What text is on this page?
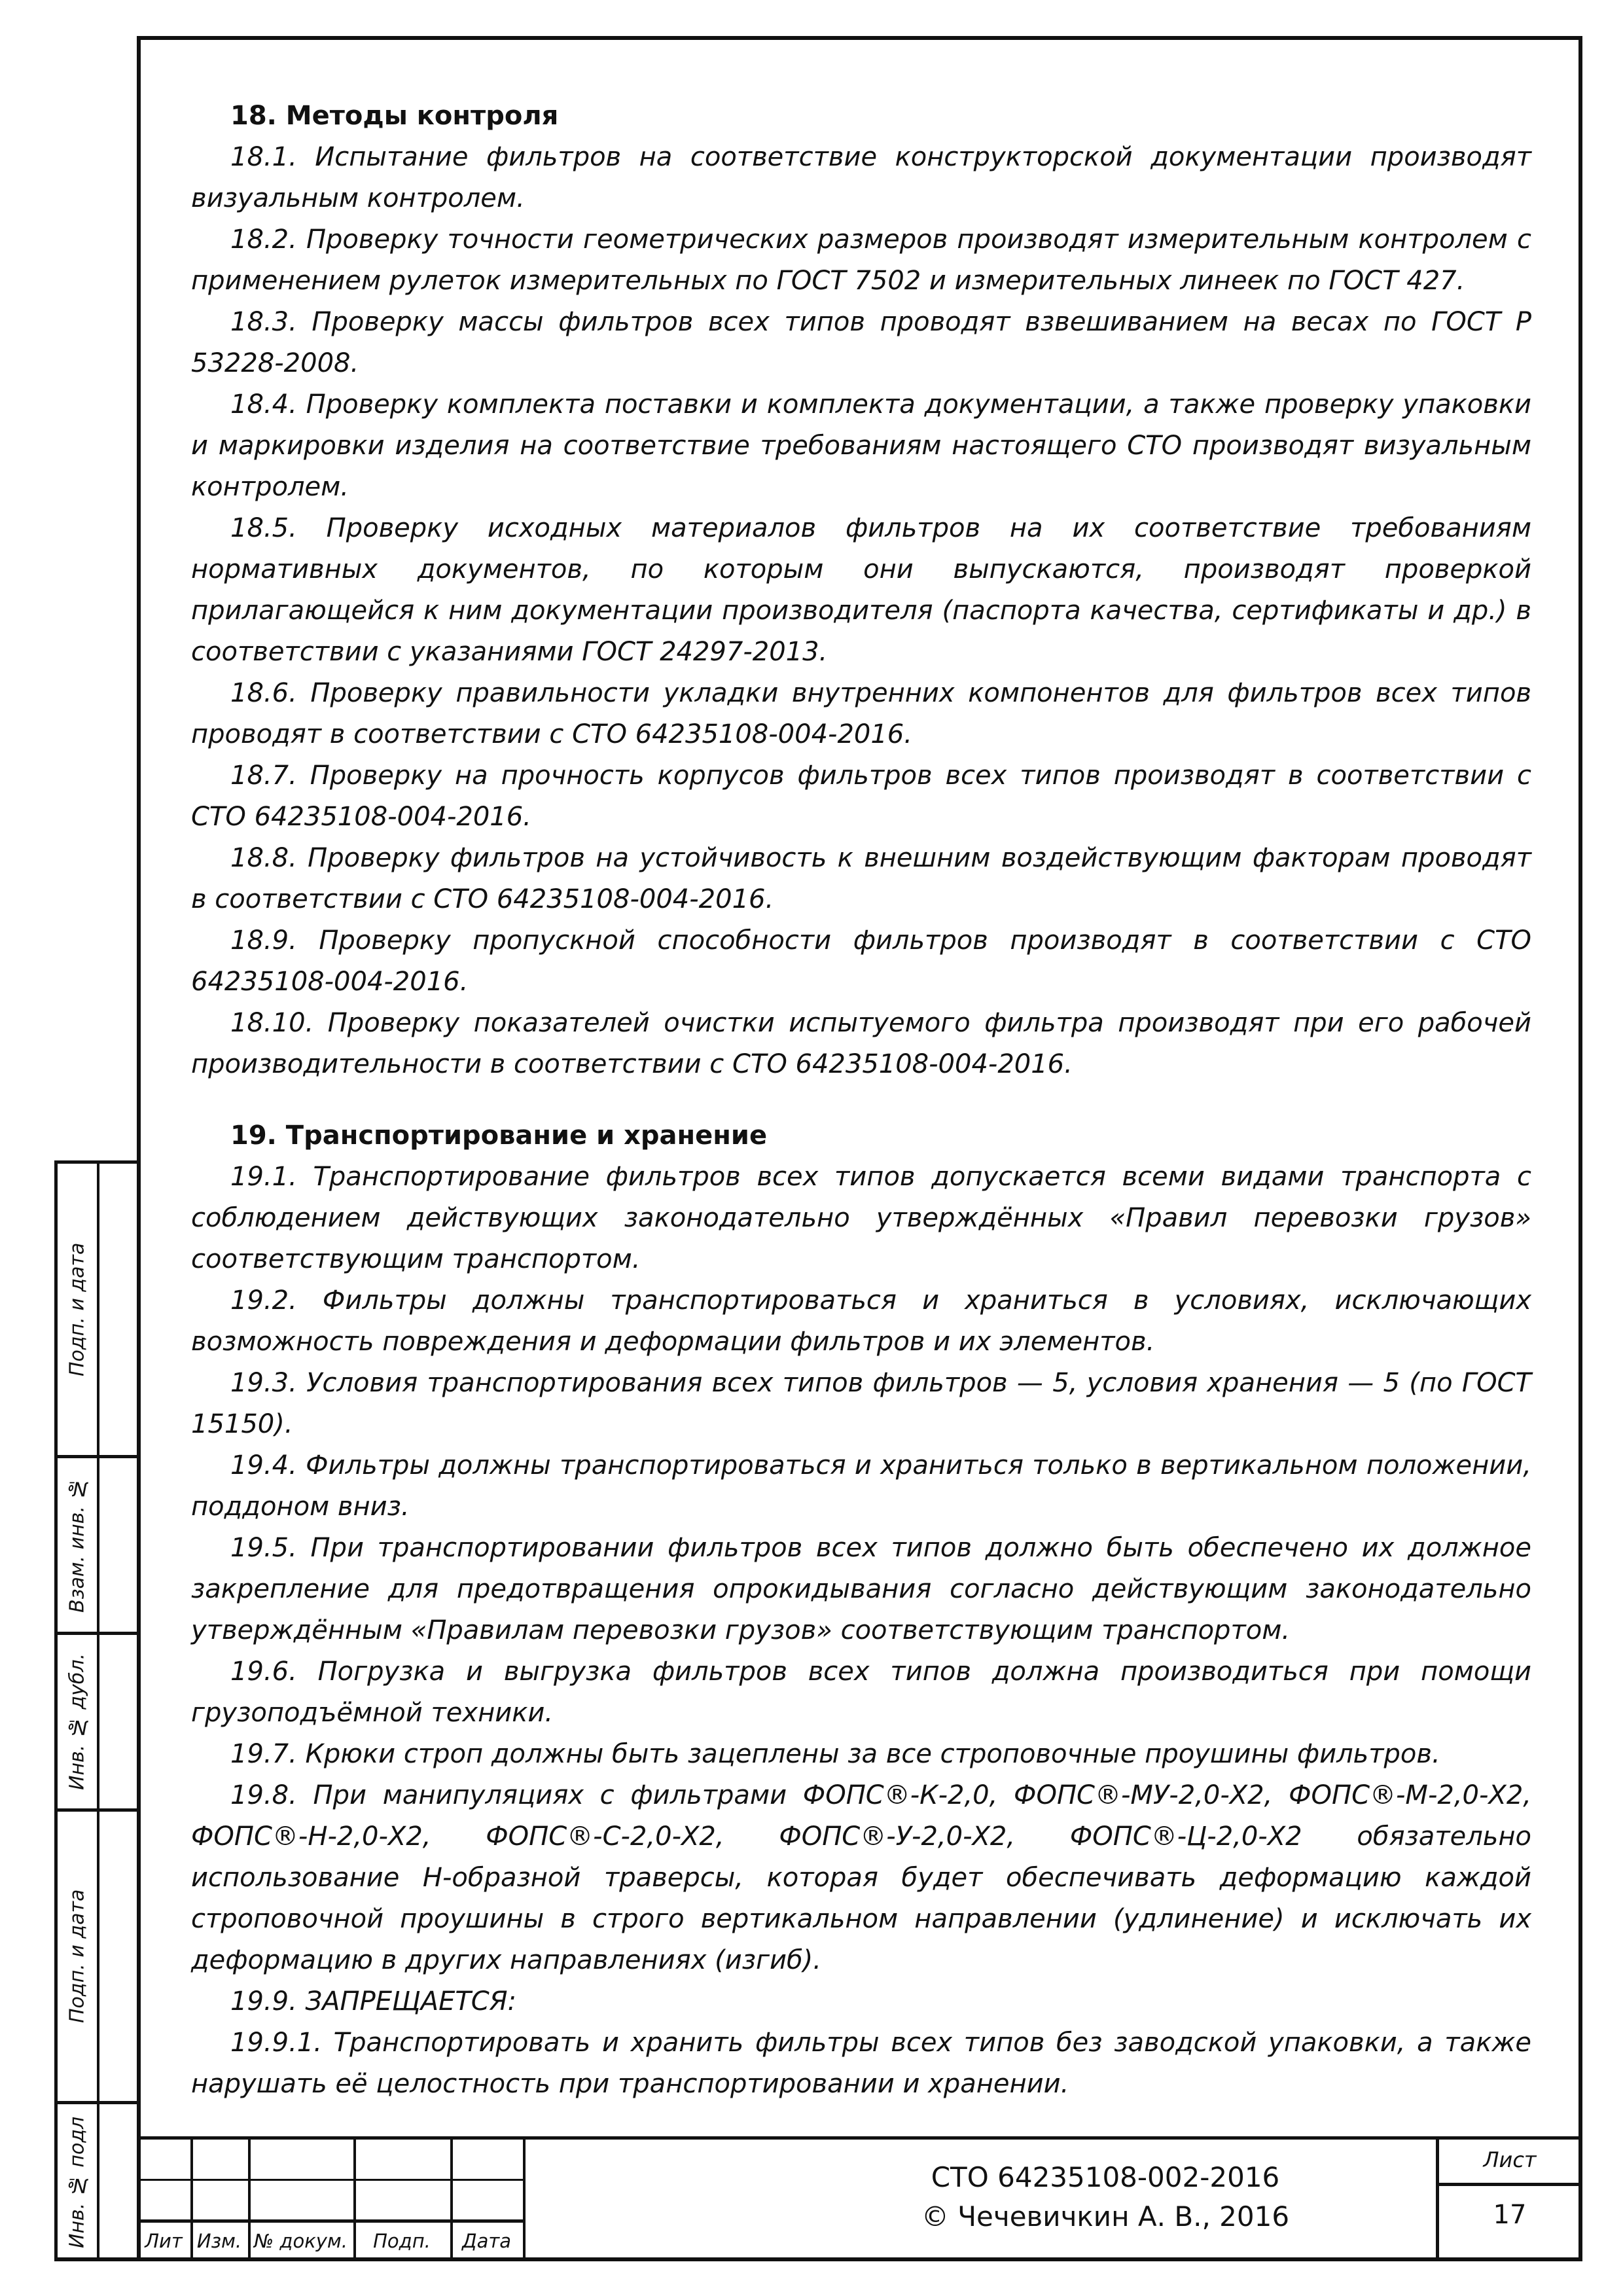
18. Методы контроля

18.1. Испытание фильтров на соответствие конструкторской документации производят визуальным контролем.

18.2. Проверку точности геометрических размеров производят измерительным контролем с применением рулеток измерительных по ГОСТ 7502 и измерительных линеек по ГОСТ 427.

18.3. Проверку массы фильтров всех типов проводят взвешиванием на весах по ГОСТ Р 53228-2008.

18.4. Проверку комплекта поставки и комплекта документации, а также проверку упаковки и маркировки изделия на соответствие требованиям настоящего СТО производят визуальным контролем.

18.5. Проверку исходных материалов фильтров на их соответствие требованиям нормативных документов, по которым они выпускаются, производят проверкой прилагающейся к ним документации производителя (паспорта качества, сертификаты и др.) в соответствии с указаниями ГОСТ 24297-2013.

18.6. Проверку правильности укладки внутренних компонентов для фильтров всех типов проводят в соответствии с СТО 64235108-004-2016.

18.7. Проверку на прочность корпусов фильтров всех типов производят в соответствии с СТО 64235108-004-2016.

18.8. Проверку фильтров на устойчивость к внешним воздействующим факторам проводят в соответствии с СТО 64235108-004-2016.

18.9. Проверку пропускной способности фильтров производят в соответствии с СТО 64235108-004-2016.

18.10. Проверку показателей очистки испытуемого фильтра производят при его рабочей производительности в соответствии с СТО 64235108-004-2016.

19. Транспортирование и хранение

19.1. Транспортирование фильтров всех типов допускается всеми видами транспорта с соблюдением действующих законодательно утверждённых «Правил перевозки грузов» соответствующим транспортом.

19.2. Фильтры должны транспортироваться и храниться в условиях, исключающих возможность повреждения и деформации фильтров и их элементов.

19.3. Условия транспортирования всех типов фильтров — 5, условия хранения — 5 (по ГОСТ 15150).

19.4. Фильтры должны транспортироваться и храниться только в вертикальном положении, поддоном вниз.

19.5. При транспортировании фильтров всех типов должно быть обеспечено их должное закрепление для предотвращения опрокидывания согласно действующим законодательно утверждённым «Правилам перевозки грузов» соответствующим транспортом.

19.6. Погрузка и выгрузка фильтров всех типов должна производиться при помощи грузоподъёмной техники.

19.7. Крюки строп должны быть зацеплены за все строповочные проушины фильтров.

19.8. При манипуляциях с фильтрами ФОПС®-К-2,0, ФОПС®-МУ-2,0-Х2, ФОПС®-М-2,0-Х2, ФОПС®-Н-2,0-Х2, ФОПС®-С-2,0-Х2, ФОПС®-У-2,0-Х2, ФОПС®-Ц-2,0-Х2 обязательно использование Н-образной траверсы, которая будет обеспечивать деформацию каждой строповочной проушины в строго вертикальном направлении (удлинение) и исключать их деформацию в других направлениях (изгиб).

19.9. ЗАПРЕЩАЕТСЯ:

19.9.1. Транспортировать и хранить фильтры всех типов без заводской упаковки, а также нарушать её целостность при транспортировании и хранении.

Подп. и дата
Взам. инв. №
Инв. № дубл.
Подп. и дата
Инв. № подл	Лит Изм. № докум.	Подп.	Дата
СТО 64235108-002-2016
© Чечевичкин А. В., 2016
Лист
17
